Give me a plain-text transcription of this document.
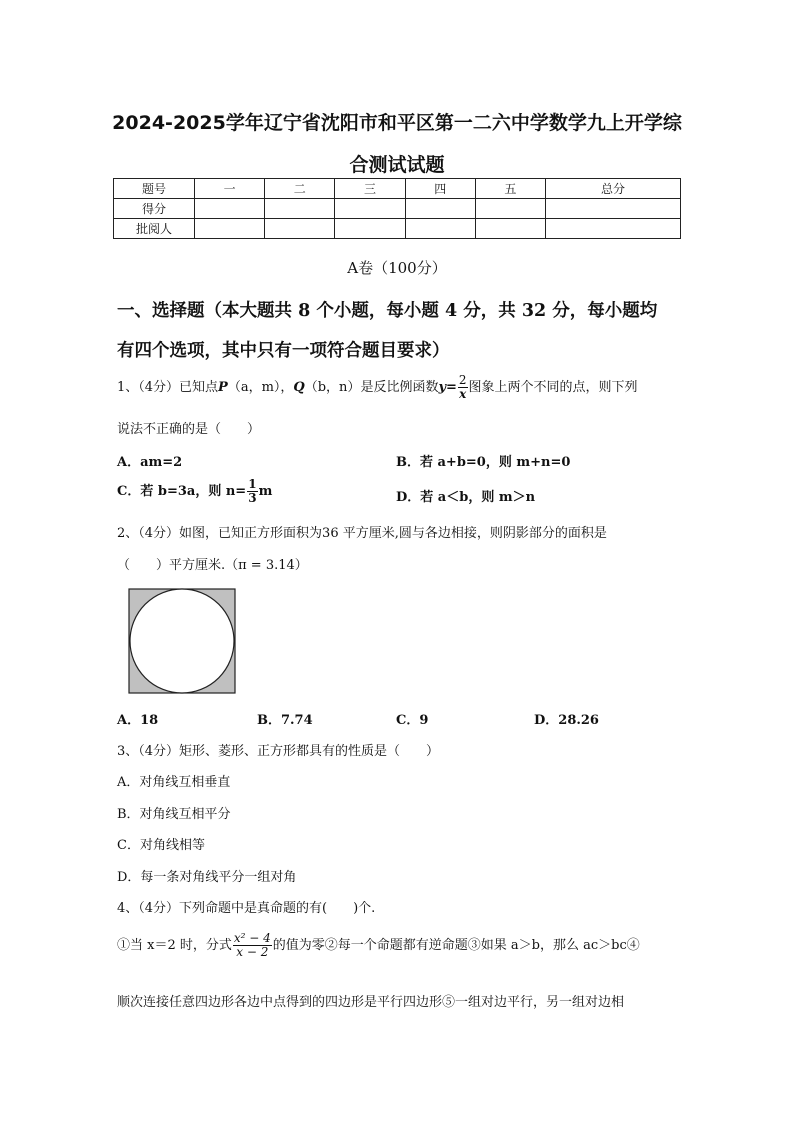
2024-2025学年辽宁省沈阳市和平区第一二六中学数学九上开学综
合测试试题
题号	一	二	三	四	五	总分
得分						
批阅人						
A卷（100分）
一、选择题（本大题共 8 个小题，每小题 4 分，共 32 分，每小题均
有四个选项，其中只有一项符合题目要求）
1、（4分）已知点P（a，m），Q（b，n）是反比例函数$y= \frac{2}{x}$ 图象上两个不同的点，则下列
说法不正确的是（　　）
A．am=2	B．若 a+b=0，则 m+n=0
C．若 b=3a，则 $n= \frac{1}{3}$ m	D．若 a＜b，则 m＞n
2、（4分）如图，已知正方形面积为36 平方厘米,圆与各边相接，则阴影部分的面积是
（　　）平方厘米.（π = 3.14）
A．18	B．7.74	C．9	D．28.26
3、（4分）矩形、菱形、正方形都具有的性质是（　　）
A．对角线互相垂直
B．对角线互相平分
C．对角线相等
D．每一条对角线平分一组对角
4、（4分）下列命题中是真命题的有(　　)个.
①当 x＝2 时，分式 $\frac{\text{x² − 4}}{x - 2}$ 的值为零②每一个命题都有逆命题③如果 a＞b，那么 ac＞bc④
顺次连接任意四边形各边中点得到的四边形是平行四边形⑤一组对边平行，另一组对边相
